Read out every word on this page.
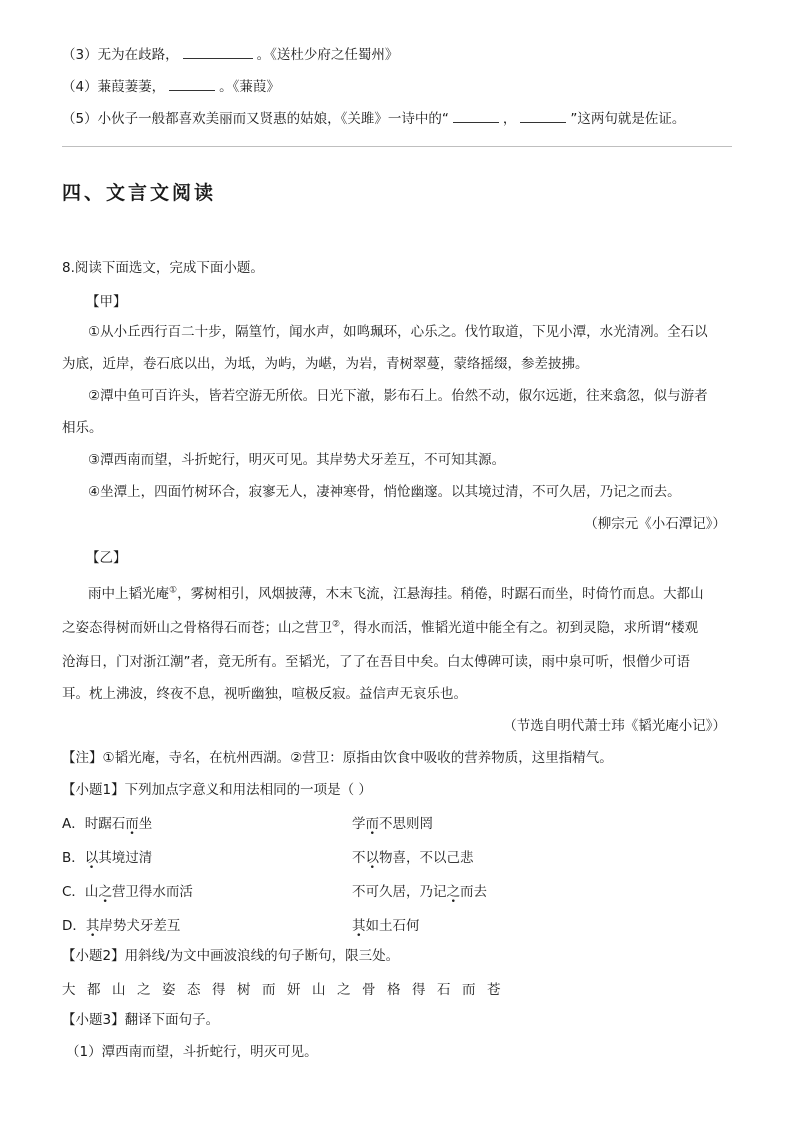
（3）无为在歧路，	。《送杜少府之任蜀州》
（4）蒹葭萋萋，	。《蒹葭》
（5）小伙子一般都喜欢美丽而又贤惠的姑娘，《关雎》一诗中的“	，	”这两句就是佐证。
四、文言文阅读
8.阅读下面选文，完成下面小题。
【甲】
①从小丘西行百二十步，隔篁竹，闻水声，如鸣珮环，心乐之。伐竹取道，下见小潭，水光清冽。全石以
为底，近岸，卷石底以出，为坻，为屿，为嵁，为岩，青树翠蔓，蒙络摇缀，参差披拂。
②潭中鱼可百许头，皆若空游无所依。日光下澈，影布石上。佁然不动，俶尔远逝，往来翕忽，似与游者
相乐。
③潭西南而望，斗折蛇行，明灭可见。其岸势犬牙差互，不可知其源。
④坐潭上，四面竹树环合，寂寥无人，凄神寒骨，悄怆幽邃。以其境过清，不可久居，乃记之而去。
（柳宗元《小石潭记》）
【乙】
雨中上韬光庵①，雾树相引，风烟披薄，木末飞流，江悬海挂。稍倦，时踞石而坐，时倚竹而息。大都山
之姿态得树而妍山之骨格得石而苍；山之营卫②，得水而活，惟韬光道中能全有之。初到灵隐，求所谓“楼观
沧海日，门对浙江潮”者，竟无所有。至韬光，了了在吾目中矣。白太傅碑可读，雨中泉可听，恨僧少可语
耳。枕上沸波，终夜不息，视听幽独，喧极反寂。益信声无哀乐也。
（节选自明代萧士玮《韬光庵小记》）
【注】①韬光庵，寺名，在杭州西湖。②营卫：原指由饮食中吸收的营养物质，这里指精气。
【小题1】下列加点字意义和用法相同的一项是（ ）
A．时踞石而坐	学而不思则罔
B．以其境过清	不以物喜，不以己悲
C．山之营卫得水而活	不可久居，乃记之而去
D．其岸势犬牙差互	其如土石何
【小题2】用斜线/为文中画波浪线的句子断句，限三处。
大都山之姿态得树而妍山之骨格得石而苍
【小题3】翻译下面句子。
（1）潭西南而望，斗折蛇行，明灭可见。
